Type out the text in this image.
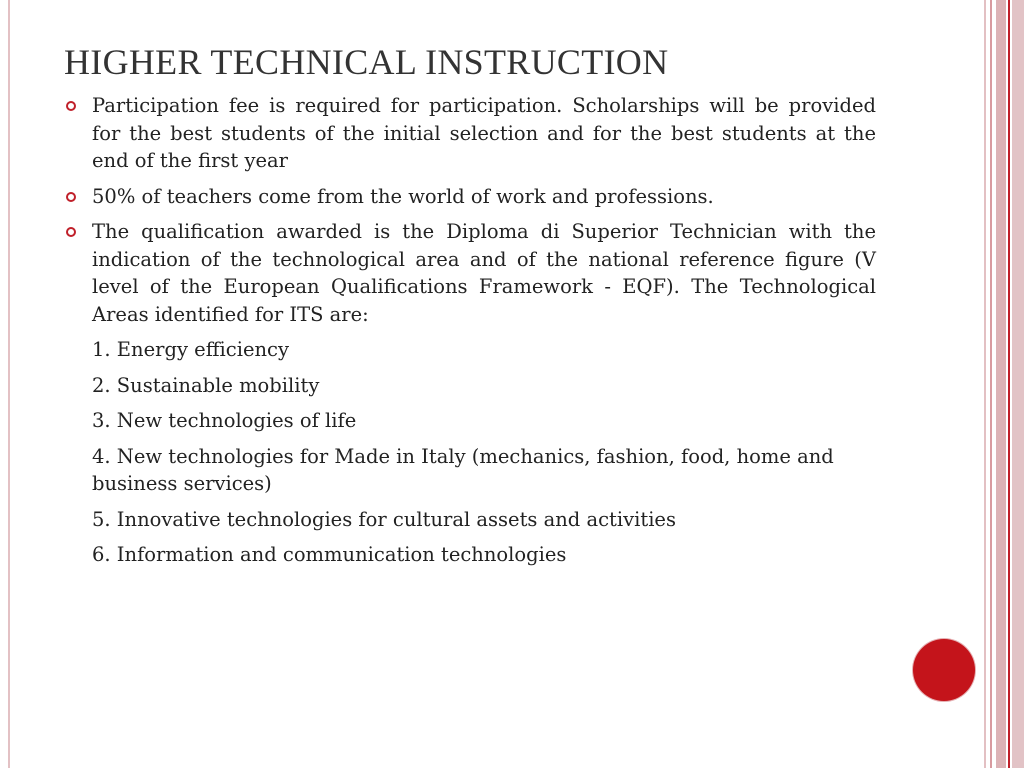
HIGHER TECHNICAL INSTRUCTION

Participation fee is required for participation. Scholarships will be provided for the best students of the initial selection and for the best students at the end of the first year

50% of teachers come from the world of work and professions.

The qualification awarded is the Diploma di Superior Technician with the indication of the technological area and of the national reference figure (V level of the European Qualifications Framework - EQF). The Technological Areas identified for ITS are:

1. Energy efficiency

2. Sustainable mobility

3. New technologies of life

4. New technologies for Made in Italy (mechanics, fashion, food, home and business services)

5. Innovative technologies for cultural assets and activities

6. Information and communication technologies
